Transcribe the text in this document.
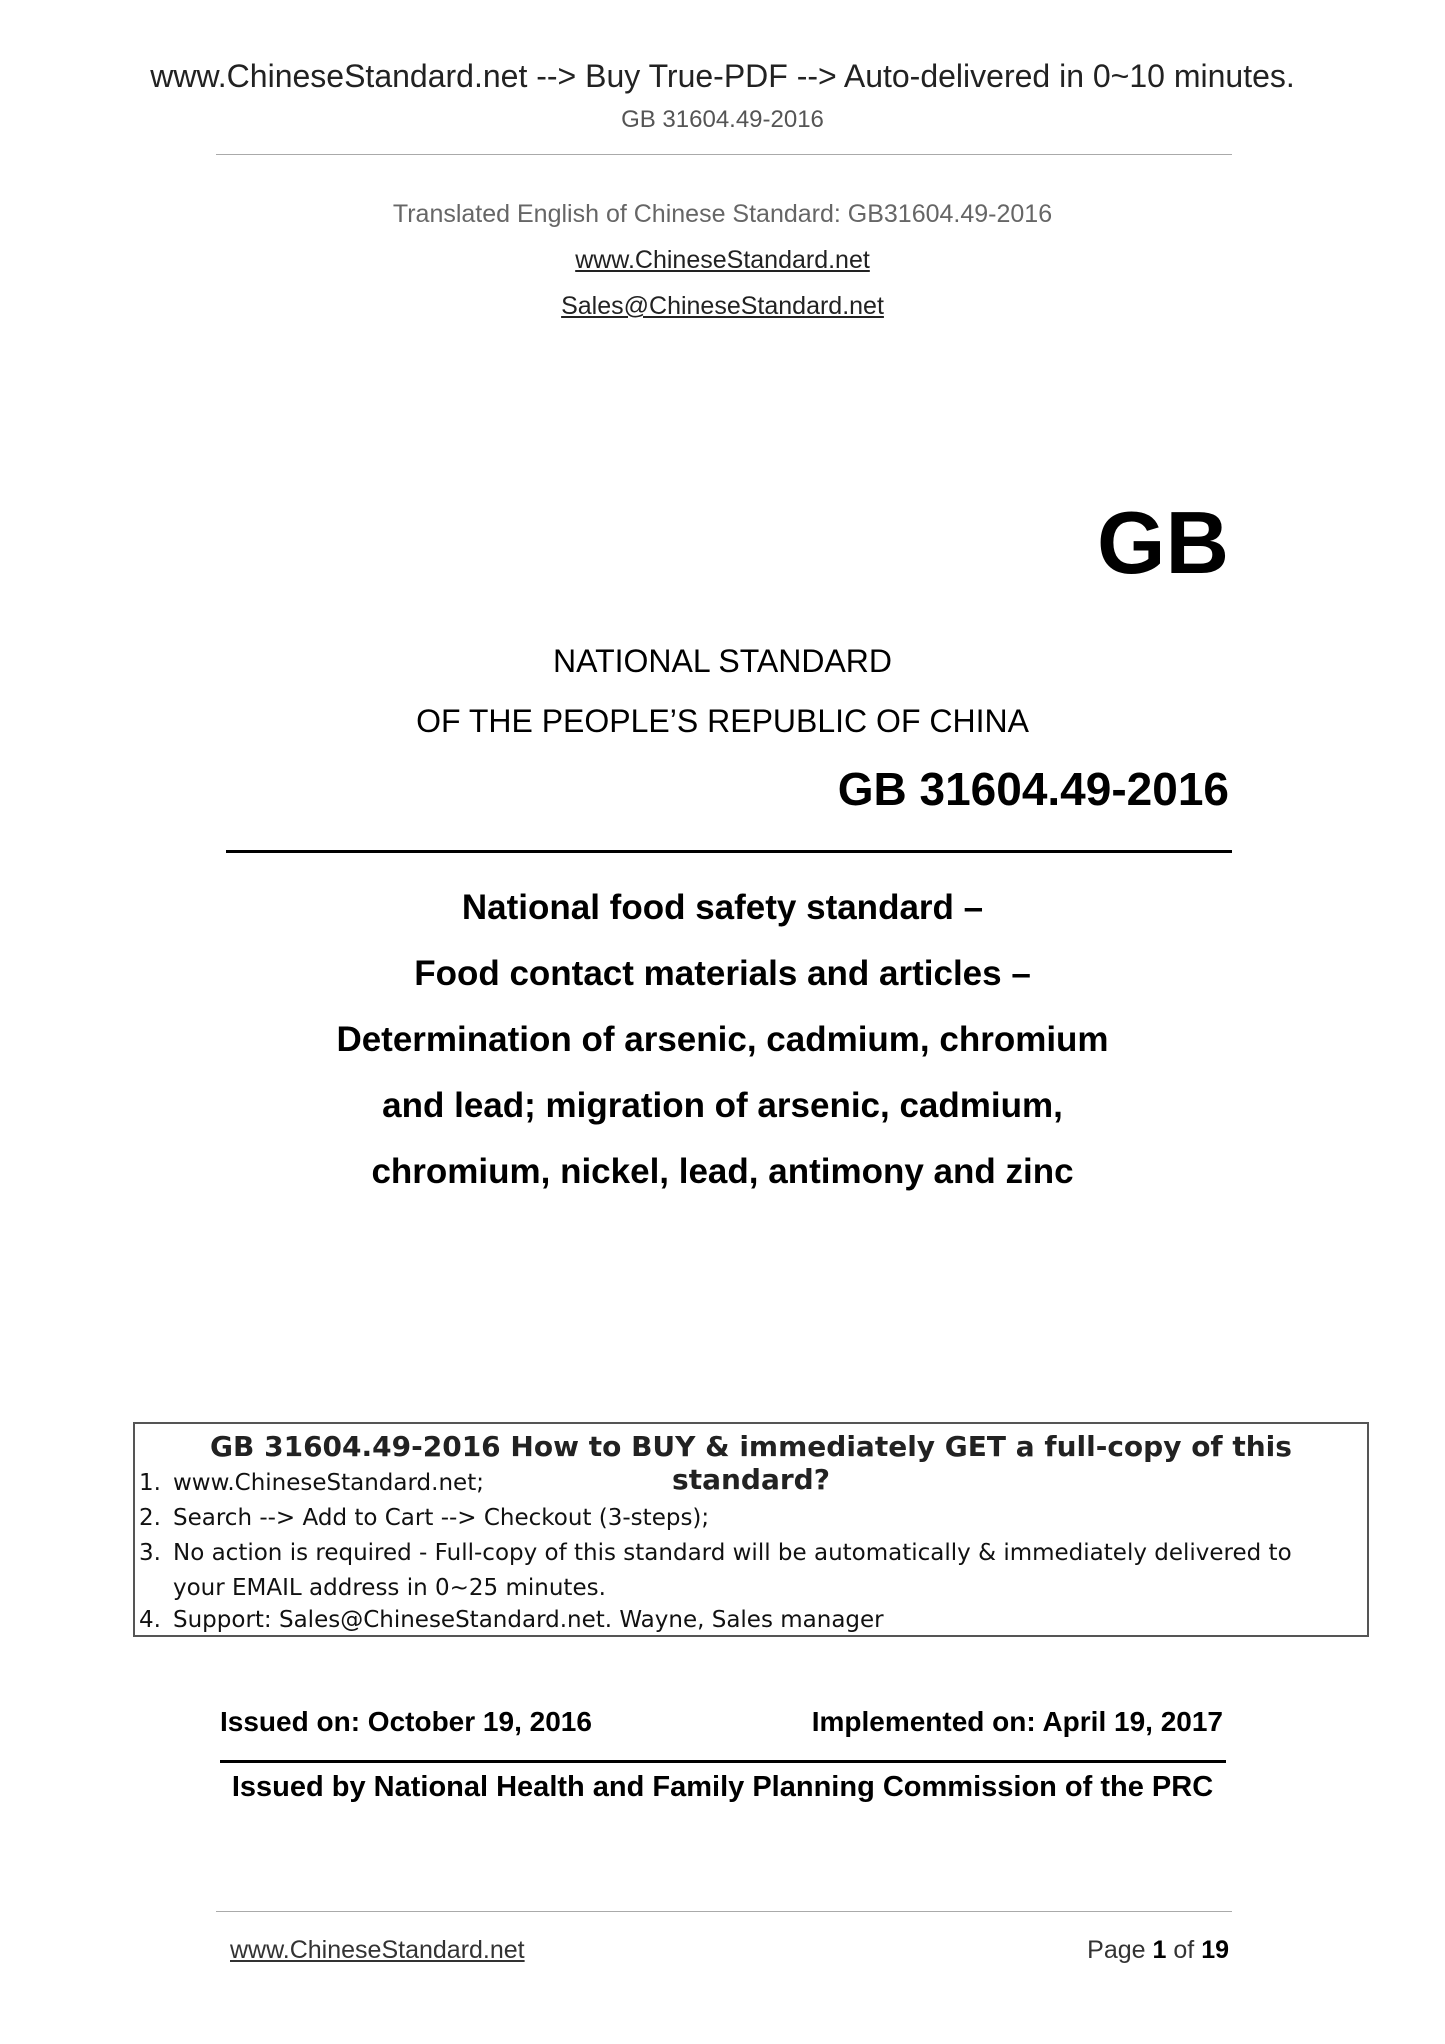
www.ChineseStandard.net --> Buy True-PDF --> Auto-delivered in 0~10 minutes.
GB 31604.49-2016
Translated English of Chinese Standard: GB31604.49-2016
www.ChineseStandard.net
Sales@ChineseStandard.net
GB
NATIONAL STANDARD
OF THE PEOPLE’S REPUBLIC OF CHINA
GB 31604.49-2016
National food safety standard –
Food contact materials and articles –
Determination of arsenic, cadmium, chromium
and lead; migration of arsenic, cadmium,
chromium, nickel, lead, antimony and zinc
GB 31604.49-2016 How to BUY & immediately GET a full-copy of this standard?
1. www.ChineseStandard.net;
2. Search --> Add to Cart --> Checkout (3-steps);
3. No action is required - Full-copy of this standard will be automatically & immediately delivered to
your EMAIL address in 0~25 minutes.
4. Support: Sales@ChineseStandard.net. Wayne, Sales manager
Issued on: October 19, 2016	Implemented on: April 19, 2017
Issued by National Health and Family Planning Commission of the PRC
www.ChineseStandard.net	Page 1 of 19
